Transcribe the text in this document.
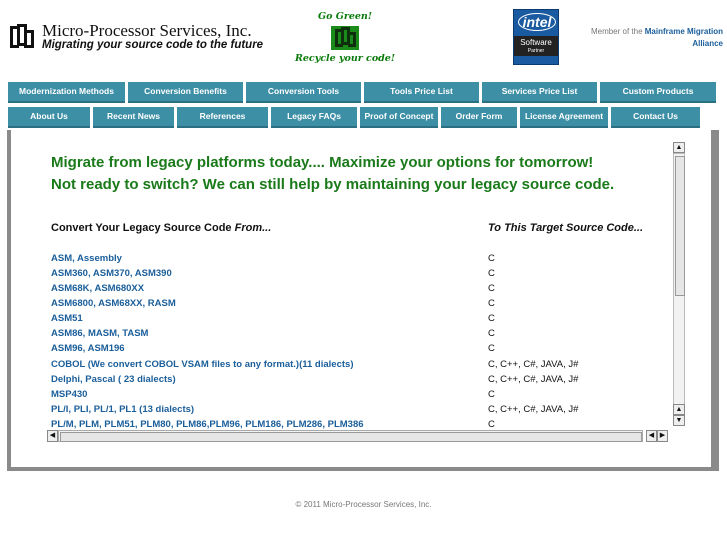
Micro-Processor Services, Inc.
Migrating your source code to the future
Go Green!
Recycle your code!
intel
Software
Partner
Member of the Mainframe Migration Alliance
Modernization Methods	Conversion Benefits	Conversion Tools	Tools Price List	Services Price List	Custom Products
About Us	Recent News	References	Legacy FAQs	Proof of Concept	Order Form	License Agreement	Contact Us
Migrate from legacy platforms today.... Maximize your options for tomorrow!
Not ready to switch? We can still help by maintaining your legacy source code.
Convert Your Legacy Source Code From...	To This Target Source Code...
ASM, Assembly	C
ASM360, ASM370, ASM390	C
ASM68K, ASM680XX	C
ASM6800, ASM68XX, RASM	C
ASM51	C
ASM86, MASM, TASM	C
ASM96, ASM196	C
COBOL (We convert COBOL VSAM files to any format.)(11 dialects)	C, C++, C#, JAVA, J#
Delphi, Pascal ( 23 dialects)	C, C++, C#, JAVA, J#
MSP430	C
PL/I, PLI, PL/1, PL1 (13 dialects)	C, C++, C#, JAVA, J#
PL/M, PLM, PLM51, PLM80, PLM86,PLM96, PLM186, PLM286, PLM386	C
▲
▲
▼
◀	◀ ▶
© 2011 Micro-Processor Services, Inc.
